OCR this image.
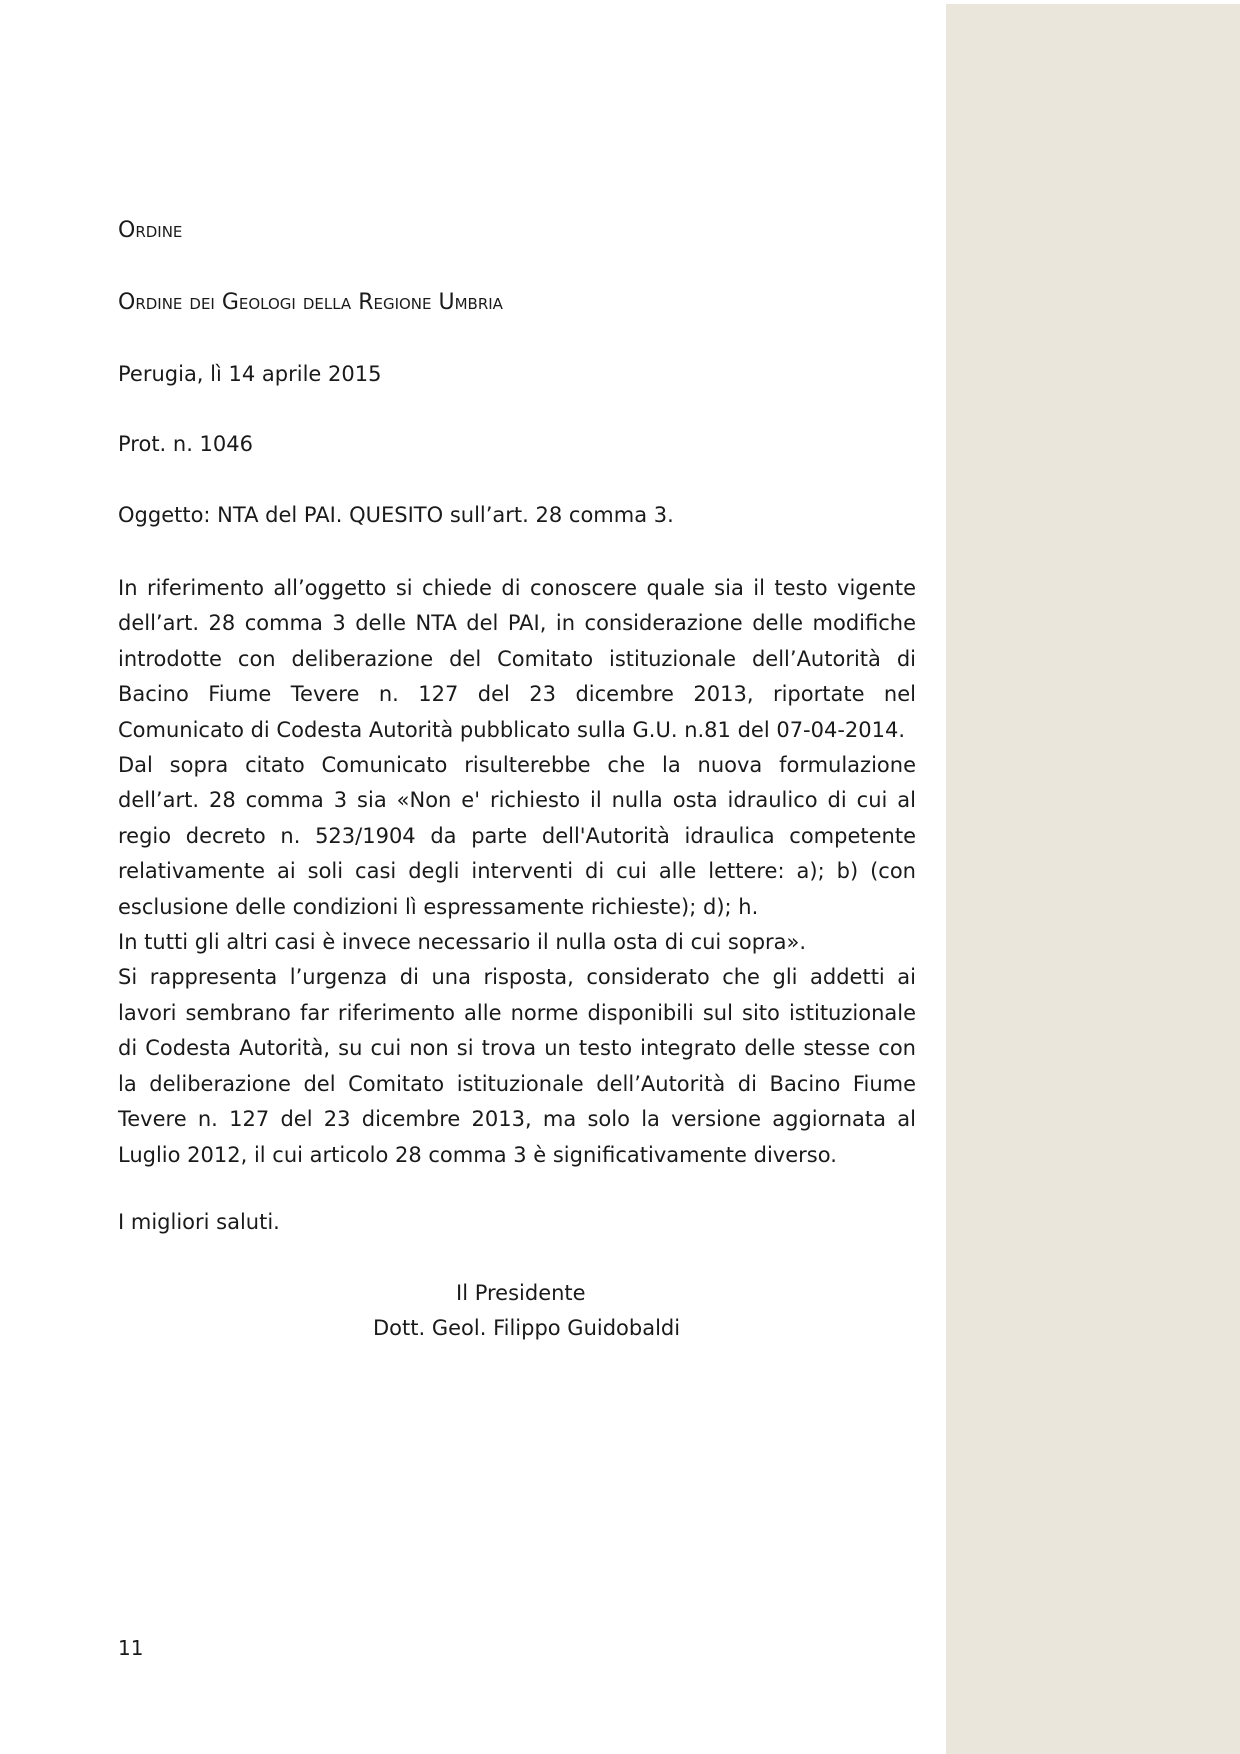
Ordine
Ordine dei Geologi della Regione Umbria
Perugia, lì 14 aprile 2015
Prot. n. 1046
Oggetto: NTA del PAI. QUESITO sull’art. 28 comma 3.

In riferimento all’oggetto si chiede di conoscere quale sia il testo vigente dell’art. 28 comma 3 delle NTA del PAI, in considerazione delle modifiche introdotte con deliberazione del Comitato istituzionale dell’Autorità di Bacino Fiume Tevere n. 127 del 23 dicembre 2013, riportate nel Comunicato di Codesta Autorità pubblicato sulla G.U. n.81 del 07-04-2014.

Dal sopra citato Comunicato risulterebbe che la nuova formulazione dell’art. 28 comma 3 sia «Non e' richiesto il nulla osta idraulico di cui al regio decreto n. 523/1904 da parte dell'Autorità idraulica competente relativamente ai soli casi degli interventi di cui alle lettere: a); b) (con esclusione delle condizioni lì espressamente richieste); d); h.

In tutti gli altri casi è invece necessario il nulla osta di cui sopra».

Si rappresenta l’urgenza di una risposta, considerato che gli addetti ai lavori sembrano far riferimento alle norme disponibili sul sito istituzionale di Codesta Autorità, su cui non si trova un testo integrato delle stesse con la deliberazione del Comitato istituzionale dell’Autorità di Bacino Fiume Tevere n. 127 del 23 dicembre 2013, ma solo la versione aggiornata al Luglio 2012, il cui articolo 28 comma 3 è significativamente diverso.

I migliori saluti.
Il Presidente
Dott. Geol. Filippo Guidobaldi
11
